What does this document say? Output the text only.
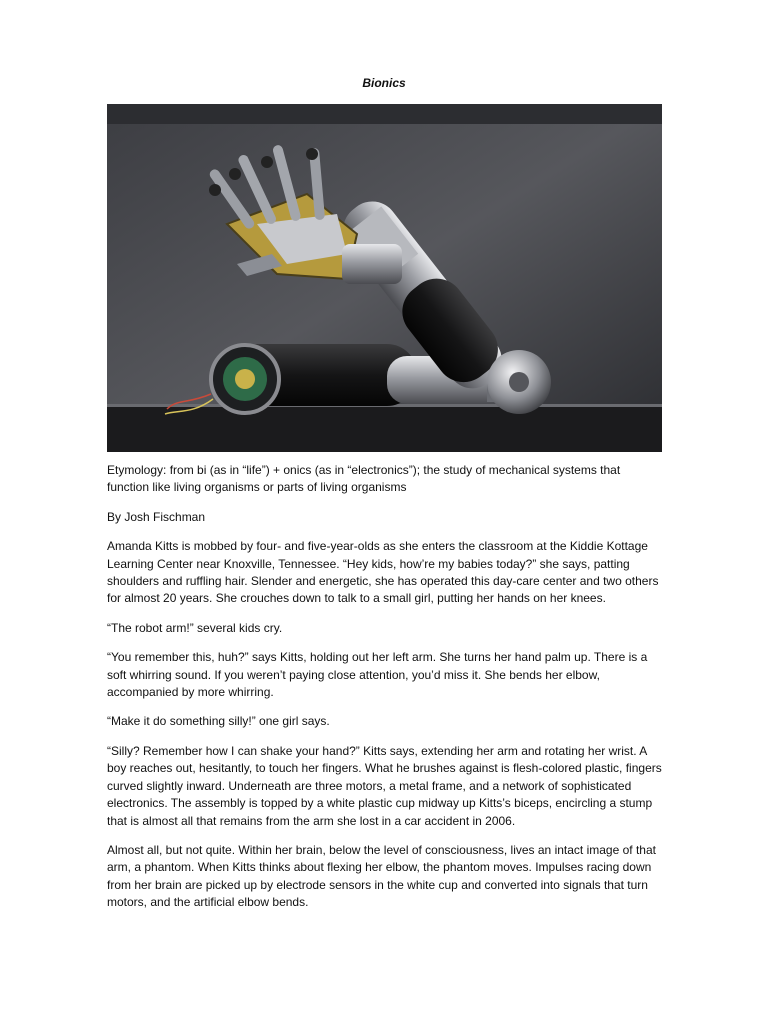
Bionics

Etymology: from bi (as in “life”) + onics (as in “electronics”); the study of mechanical systems that function like living organisms or parts of living organisms

By Josh Fischman

Amanda Kitts is mobbed by four- and five-year-olds as she enters the classroom at the Kiddie Kottage Learning Center near Knoxville, Tennessee. “Hey kids, how’re my babies today?” she says, patting shoulders and ruffling hair. Slender and energetic, she has operated this day-care center and two others for almost 20 years. She crouches down to talk to a small girl, putting her hands on her knees.

“The robot arm!” several kids cry.

“You remember this, huh?” says Kitts, holding out her left arm. She turns her hand palm up. There is a soft whirring sound. If you weren’t paying close attention, you’d miss it. She bends her elbow, accompanied by more whirring.

“Make it do something silly!” one girl says.

“Silly? Remember how I can shake your hand?” Kitts says, extending her arm and rotating her wrist. A boy reaches out, hesitantly, to touch her fingers. What he brushes against is flesh-colored plastic, fingers curved slightly inward. Underneath are three motors, a metal frame, and a network of sophisticated electronics. The assembly is topped by a white plastic cup midway up Kitts’s biceps, encircling a stump that is almost all that remains from the arm she lost in a car accident in 2006.

Almost all, but not quite. Within her brain, below the level of consciousness, lives an intact image of that arm, a phantom. When Kitts thinks about flexing her elbow, the phantom moves. Impulses racing down from her brain are picked up by electrode sensors in the white cup and converted into signals that turn motors, and the artificial elbow bends.
